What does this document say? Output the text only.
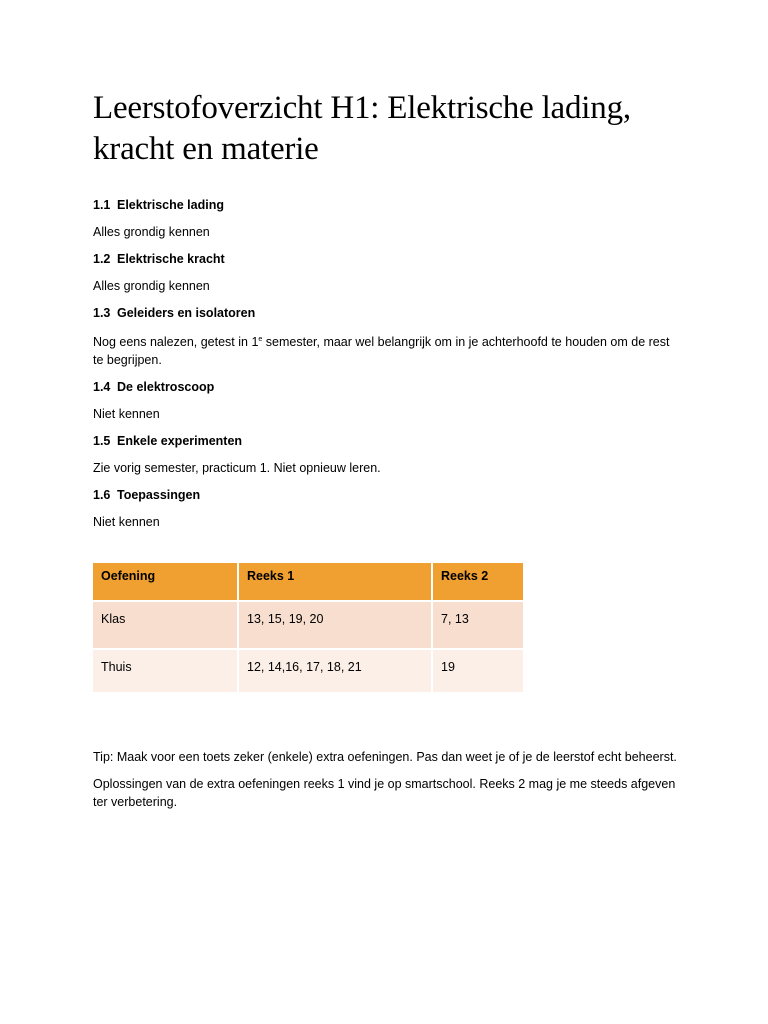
Leerstofoverzicht H1: Elektrische lading, kracht en materie

1.1 Elektrische lading

Alles grondig kennen

1.2 Elektrische kracht

Alles grondig kennen

1.3 Geleiders en isolatoren

Nog eens nalezen, getest in 1e semester, maar wel belangrijk om in je achterhoofd te houden om de rest te begrijpen.

1.4 De elektroscoop

Niet kennen

1.5 Enkele experimenten

Zie vorig semester, practicum 1. Niet opnieuw leren.

1.6 Toepassingen

Niet kennen

Oefening	Reeks 1	Reeks 2
Klas	13, 15, 19, 20	7, 13
Thuis	12, 14,16, 17, 18, 21	19

Tip: Maak voor een toets zeker (enkele) extra oefeningen. Pas dan weet je of je de leerstof echt beheerst.

Oplossingen van de extra oefeningen reeks 1 vind je op smartschool. Reeks 2 mag je me steeds afgeven ter verbetering.
